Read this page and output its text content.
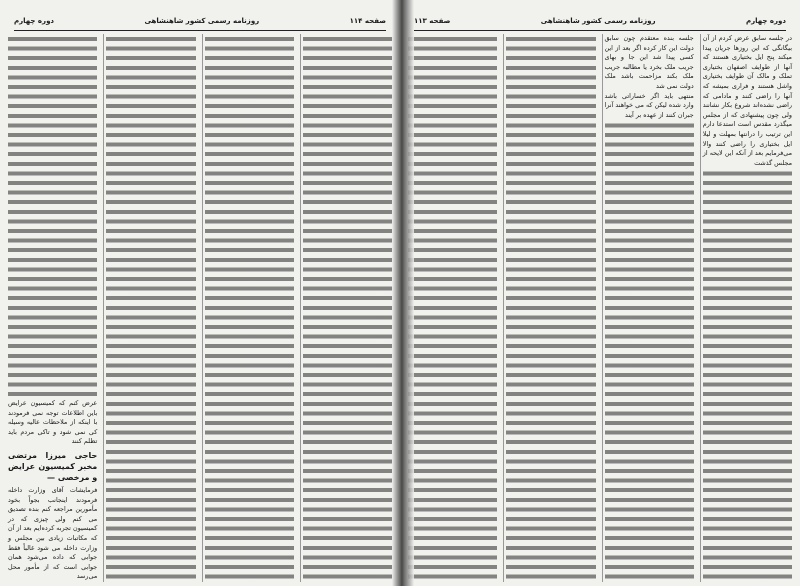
صفحه ۱۱۴
روزنامه رسمی کشور شاهنشاهی
دوره چهارم
عرض کنم که کمیسیون عرایض باین اطلاعات توجه نمی فرمودند با اینکه از ملاحظات عالیه وسیله کی نمی شود و تاکی مردم باید تظلم کنند
حاجی میرزا مرتضی مخبر کمیسیون عرایض و مرخصی —
فرمایشات آقای وزارت داخله فرمودند اینجانب بجواً بخود مأمورین مراجعه کنم بنده تصدیق می کنم ولی چیزی که در کمیسیون تجربه کرده‌ایم بعد از آن که مکاتبات زیادی بین مجلس و وزارت داخله می شود غالباً فقط جوابی که داده می‌شود همان جوابی است که از مأمور محل می‌رسد
دوره چهارم
روزنامه رسمی کشور شاهنشاهی
صفحه ۱۱۳
در جلسه سابق عرض کردم از آن بیگانگی که این روزها جریان پیدا میکند پنج ایل بختیاری هستند که آنها از طوایف اصفهان بختیاری تملک و مالک آن طوایف بختیاری واشل هستند و فراری بمیشه که آنها را راضی کنند و مادامی که راضی نشده‌اند شروع بکار نشانند ولی چون پیشنهادی که از مجلس میگذرد مقدس است استدعا دارم این ترتیب را درانتها بمهلت و لیلا ایل بختیاری را راضی کنند والا می‌فرمایم بعد از آنکه این لایحه از مجلس گذشت
جلسه بنده معتقدم چون سابق دولت این کار کرده اگر بعد از این کسی پیدا شد این جا و بهای جریب ملک بخرد یا مطالبه جریب ملک بکند مزاحمت باشد ملک دولت نمی شد
منتهی باید اگر خساراتی باشد وارد شده لیکن که می خواهند آنرا جبران کنند از عهده بر آیند
